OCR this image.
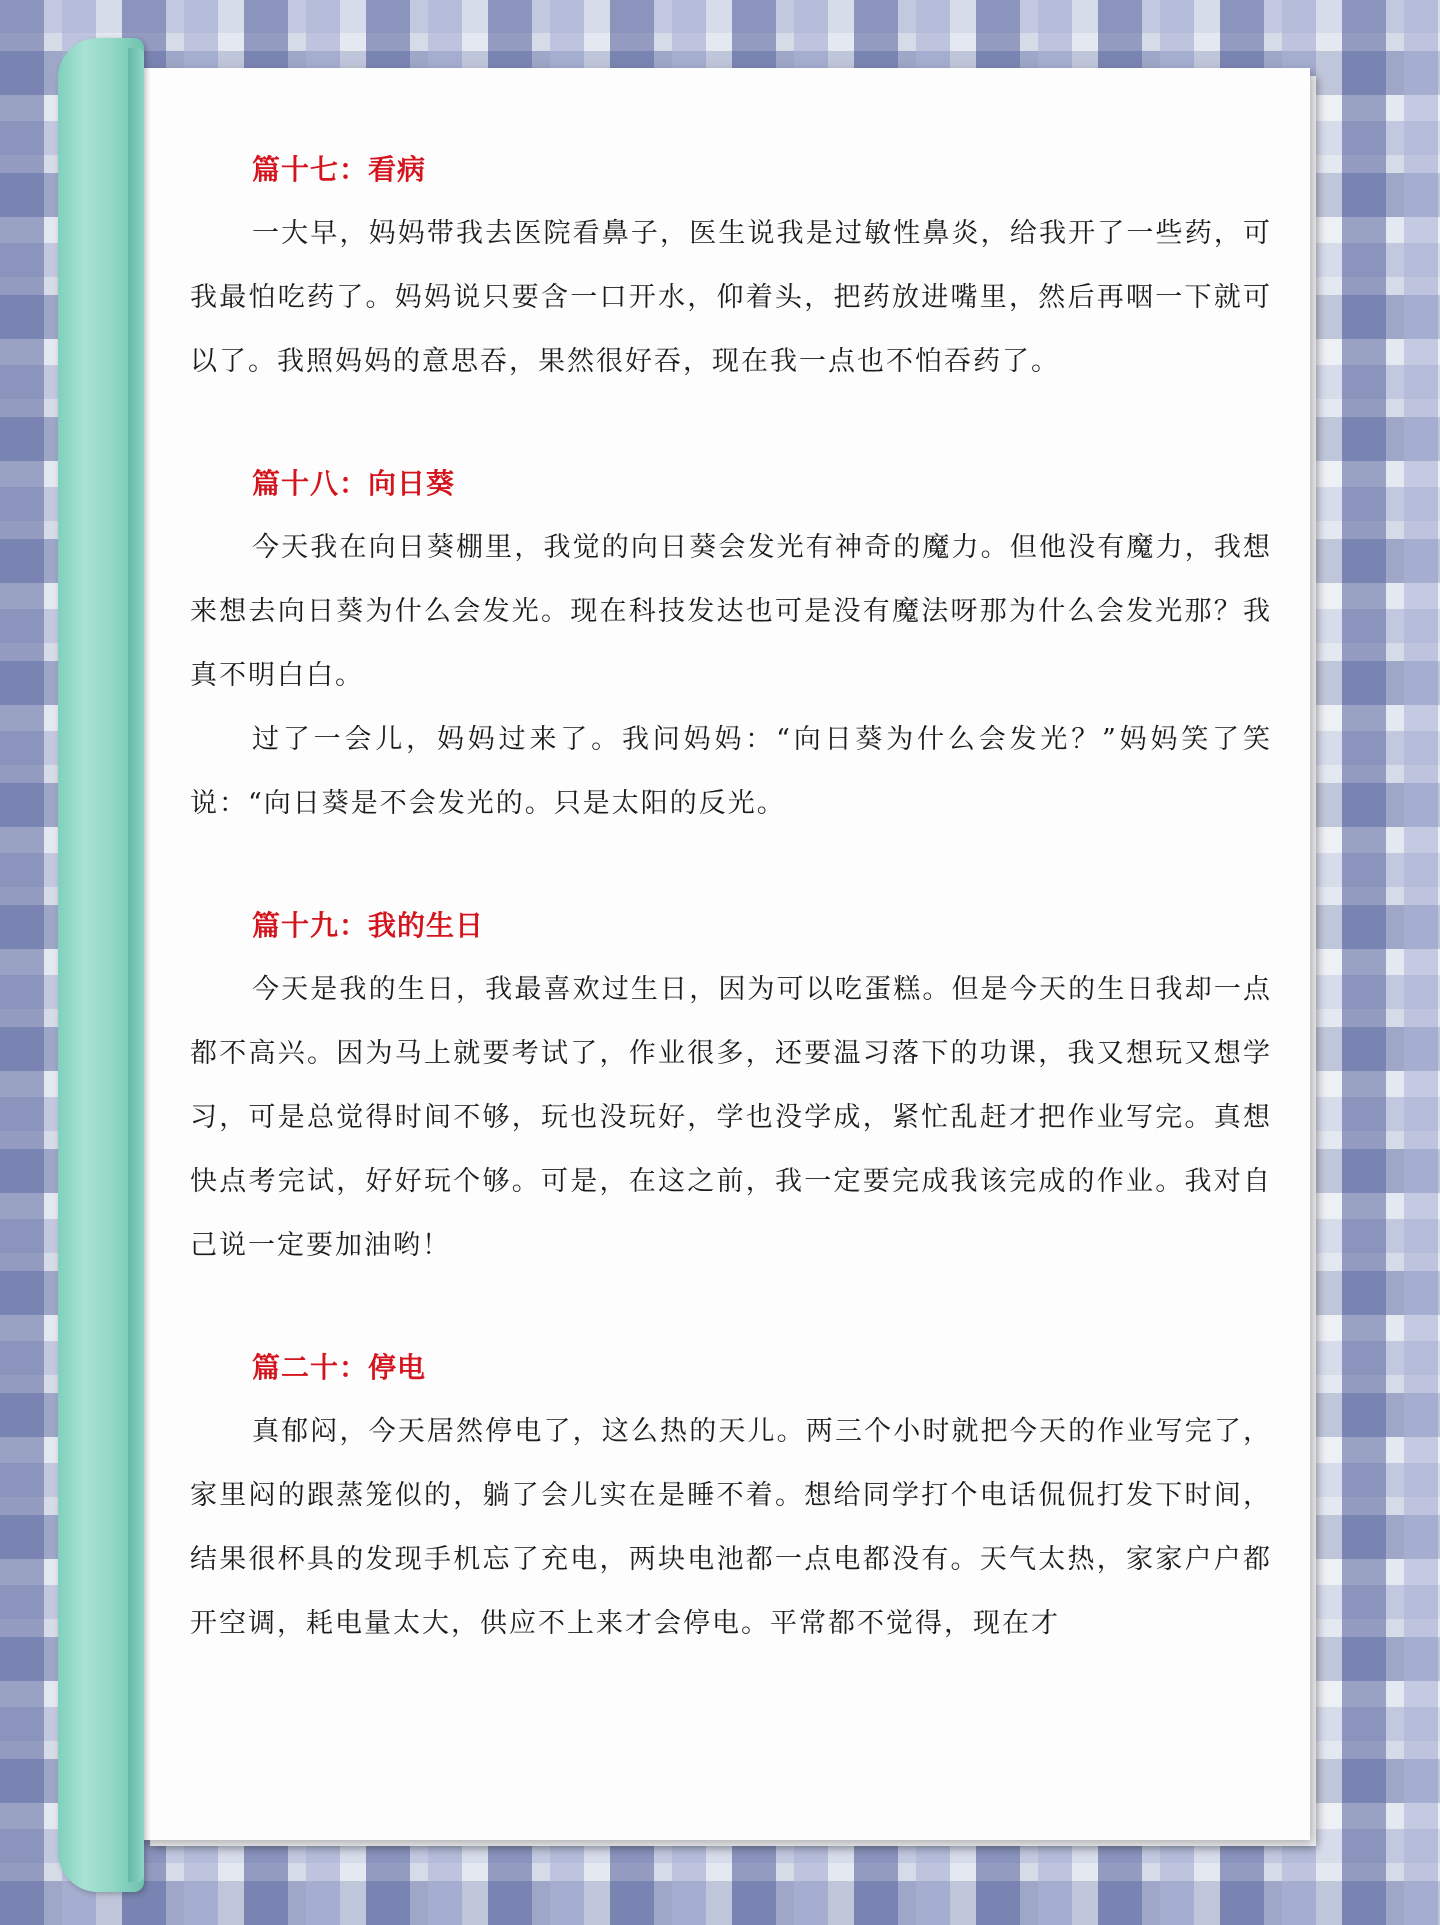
篇十七：看病

一大早，妈妈带我去医院看鼻子，医生说我是过敏性鼻炎，给我开了一些药，可我最怕吃药了。妈妈说只要含一口开水，仰着头，把药放进嘴里，然后再咽一下就可以了。我照妈妈的意思吞，果然很好吞，现在我一点也不怕吞药了。

篇十八：向日葵

今天我在向日葵棚里，我觉的向日葵会发光有神奇的魔力。但他没有魔力，我想来想去向日葵为什么会发光。现在科技发达也可是没有魔法呀那为什么会发光那？我真不明白白。

过了一会儿，妈妈过来了。我问妈妈：“向日葵为什么会发光？”妈妈笑了笑说：“向日葵是不会发光的。只是太阳的反光。

篇十九：我的生日

今天是我的生日，我最喜欢过生日，因为可以吃蛋糕。但是今天的生日我却一点都不高兴。因为马上就要考试了，作业很多，还要温习落下的功课，我又想玩又想学习，可是总觉得时间不够，玩也没玩好，学也没学成，紧忙乱赶才把作业写完。真想快点考完试，好好玩个够。可是，在这之前，我一定要完成我该完成的作业。我对自己说一定要加油哟！

篇二十：停电

真郁闷，今天居然停电了，这么热的天儿。两三个小时就把今天的作业写完了，家里闷的跟蒸笼似的，躺了会儿实在是睡不着。想给同学打个电话侃侃打发下时间，结果很杯具的发现手机忘了充电，两块电池都一点电都没有。天气太热，家家户户都开空调，耗电量太大，供应不上来才会停电。平常都不觉得，现在才
